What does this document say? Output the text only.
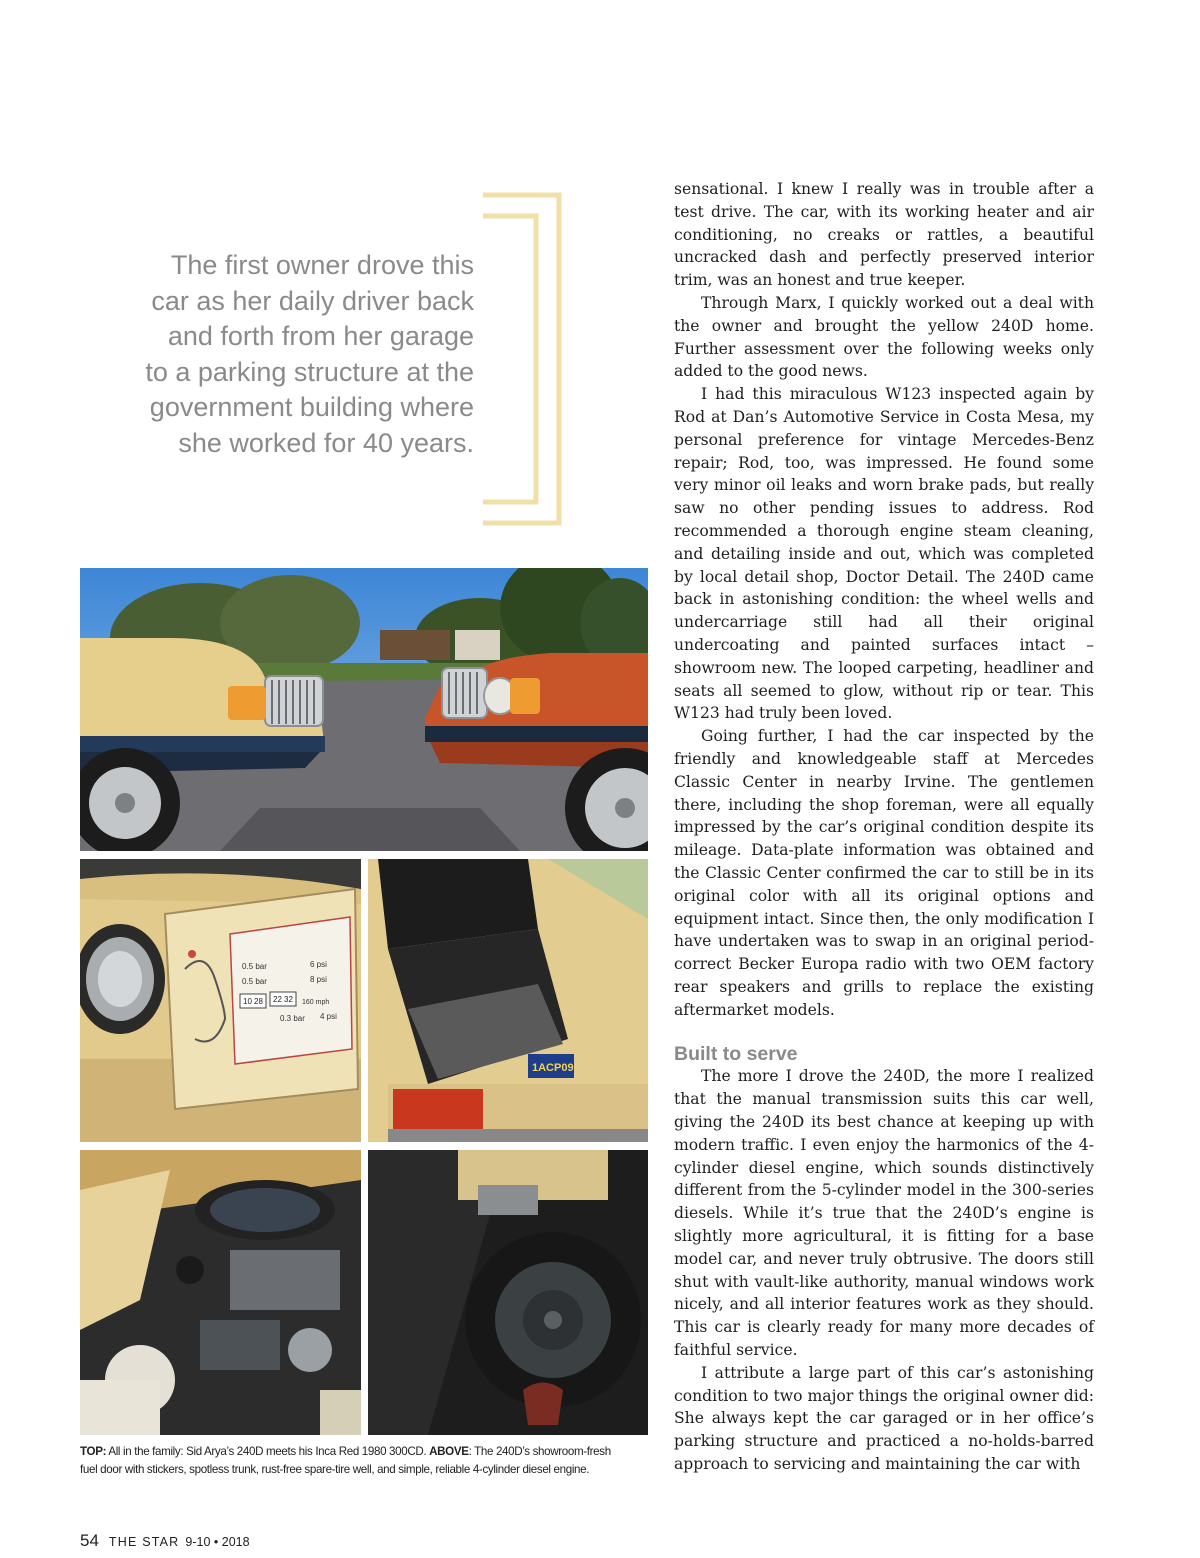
The first owner drove this
car as her daily driver back
and forth from her garage
to a parking structure at the
government building where
she worked for 40 years.

sensational. I knew I really was in trouble after a test drive. The car, with its working heater and air conditioning, no creaks or rattles, a beautiful uncracked dash and perfectly preserved interior trim, was an honest and true keeper.

Through Marx, I quickly worked out a deal with the owner and brought the yellow 240D home. Further assessment over the following weeks only added to the good news.

I had this miraculous W123 inspected again by Rod at Dan’s Automotive Service in Costa Mesa, my personal preference for vintage Mercedes-Benz repair; Rod, too, was impressed. He found some very minor oil leaks and worn brake pads, but really saw no other pending issues to address. Rod recommended a thorough engine steam cleaning, and detailing inside and out, which was completed by local detail shop, Doctor Detail. The 240D came back in astonishing condition: the wheel wells and undercarriage still had all their original undercoating and painted surfaces intact – showroom new. The looped carpeting, headliner and seats all seemed to glow, without rip or tear. This W123 had truly been loved.

Going further, I had the car inspected by the friendly and knowledgeable staff at Mercedes Classic Center in nearby Irvine. The gentlemen there, including the shop foreman, were all equally impressed by the car’s original condition despite its mileage. Data-plate information was obtained and the Classic Center confirmed the car to still be in its original color with all its original options and equipment intact. Since then, the only modification I have undertaken was to swap in an original period-correct Becker Europa radio with two OEM factory rear speakers and grills to replace the existing aftermarket models.

Built to serve

The more I drove the 240D, the more I realized that the manual transmission suits this car well, giving the 240D its best chance at keeping up with modern traffic. I even enjoy the harmonics of the 4-cylinder diesel engine, which sounds distinctively different from the 5-cylinder model in the 300-series diesels. While it’s true that the 240D’s engine is slightly more agricultural, it is fitting for a base model car, and never truly obtrusive. The doors still shut with vault-like authority, manual windows work nicely, and all interior features work as they should. This car is clearly ready for many more decades of faithful service.

I attribute a large part of this car’s astonishing condition to two major things the original owner did: She always kept the car garaged or in her office’s parking structure and practiced a no-holds-barred approach to servicing and maintaining the car with

0.5 bar	6 psi
0.5 bar	8 psi
10 28 22 32 160 mph
0.3 bar 4 psi
1ACP09
TOP: All in the family: Sid Arya’s 240D meets his Inca Red 1980 300CD. ABOVE: The 240D’s showroom-fresh
fuel door with stickers, spotless trunk, rust-free spare-tire well, and simple, reliable 4-cylinder diesel engine.
54 THE STAR 9-10 • 2018
